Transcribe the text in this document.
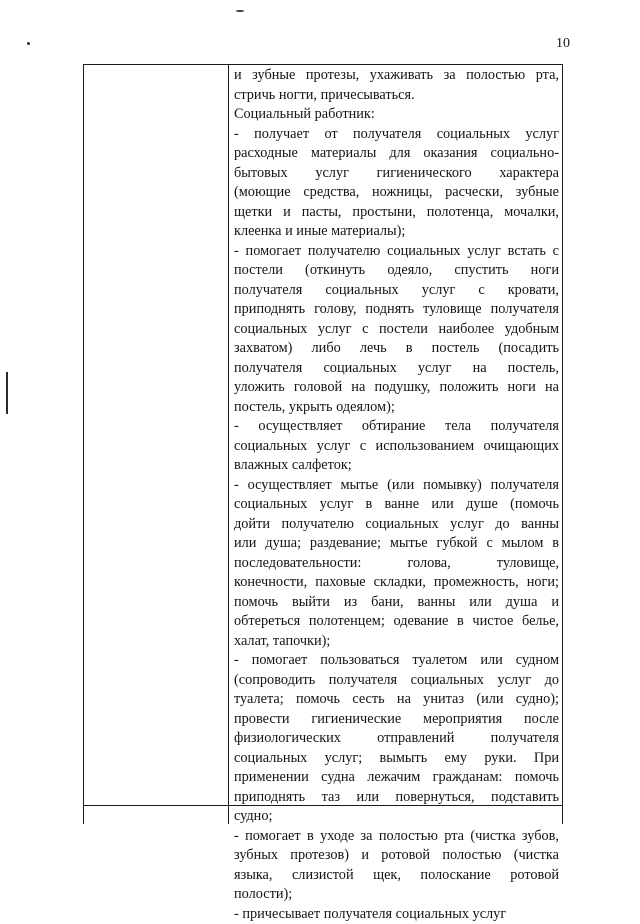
10
и зубные протезы, ухаживать за полостью рта,
стричь ногти, причесываться.
Социальный работник:
- получает от получателя социальных услуг
расходные материалы для оказания социально-
бытовых услуг гигиенического характера
(моющие средства, ножницы, расчески, зубные
щетки и пасты, простыни, полотенца, мочалки,
клеенка и иные материалы);
- помогает получателю социальных услуг встать с
постели (откинуть одеяло, спустить ноги
получателя социальных услуг с кровати,
приподнять голову, поднять туловище получателя
социальных услуг с постели наиболее удобным
захватом) либо лечь в постель (посадить
получателя социальных услуг на постель,
уложить головой на подушку, положить ноги на
постель, укрыть одеялом);
- осуществляет обтирание тела получателя
социальных услуг с использованием очищающих
влажных салфеток;
- осуществляет мытье (или помывку) получателя
социальных услуг в ванне или душе (помочь
дойти получателю социальных услуг до ванны
или душа; раздевание; мытье губкой с мылом в
последовательности: голова, туловище,
конечности, паховые складки, промежность, ноги;
помочь выйти из бани, ванны или душа и
обтереться полотенцем; одевание в чистое белье,
халат, тапочки);
- помогает пользоваться туалетом или судном
(сопроводить получателя социальных услуг до
туалета; помочь сесть на унитаз (или судно);
провести гигиенические мероприятия после
физиологических отправлений получателя
социальных услуг; вымыть ему руки. При
применении судна лежачим гражданам: помочь
приподнять таз или повернуться, подставить
судно;
- помогает в уходе за полостью рта (чистка зубов,
зубных протезов) и ротовой полостью (чистка
языка, слизистой щек, полоскание ротовой
полости);
- причесывает получателя социальных услуг
